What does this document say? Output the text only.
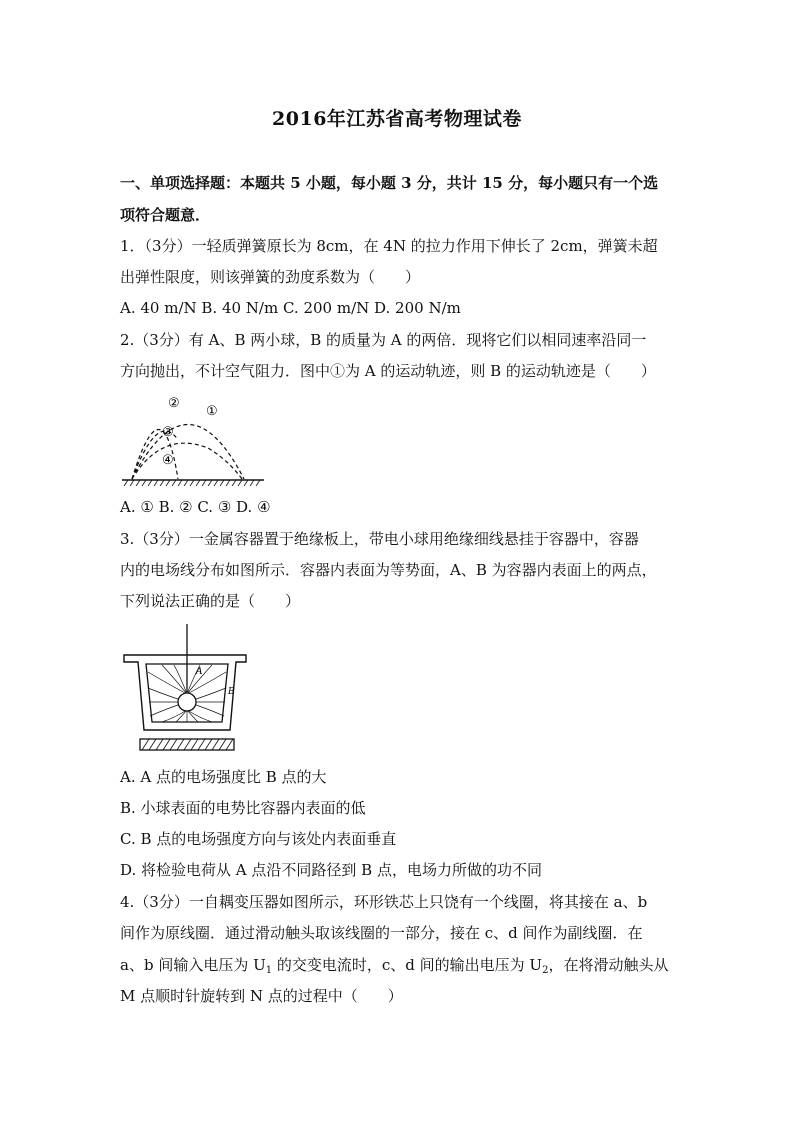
2016年江苏省高考物理试卷
一、单项选择题：本题共 5 小题，每小题 3 分，共计 15 分，每小题只有一个选
项符合题意．
1．（3分）一轻质弹簧原长为 8cm，在 4N 的拉力作用下伸长了 2cm，弹簧未超
出弹性限度，则该弹簧的劲度系数为（　　）
A. 40 m/N B. 40 N/m C. 200 m/N D. 200 N/m
2.（3分）有 A、B 两小球，B 的质量为 A 的两倍．现将它们以相同速率沿同一
方向抛出，不计空气阻力．图中①为 A 的运动轨迹，则 B 的运动轨迹是（　　）
②
①
③
④
A. ① B. ② C. ③ D. ④
3.（3分）一金属容器置于绝缘板上，带电小球用绝缘细线悬挂于容器中，容器
内的电场线分布如图所示．容器内表面为等势面，A、B 为容器内表面上的两点，
下列说法正确的是（　　）
A
B
A. A 点的电场强度比 B 点的大
B. 小球表面的电势比容器内表面的低
C. B 点的电场强度方向与该处内表面垂直
D. 将检验电荷从 A 点沿不同路径到 B 点，电场力所做的功不同
4.（3分）一自耦变压器如图所示，环形铁芯上只饶有一个线圈，将其接在 a、b
间作为原线圈．通过滑动触头取该线圈的一部分，接在 c、d 间作为副线圈．在
a、b 间输入电压为 $U_1$ 的交变电流时，c、d 间的输出电压为 $U_2$，在将滑动触头从
M 点顺时针旋转到 N 点的过程中（　　）
